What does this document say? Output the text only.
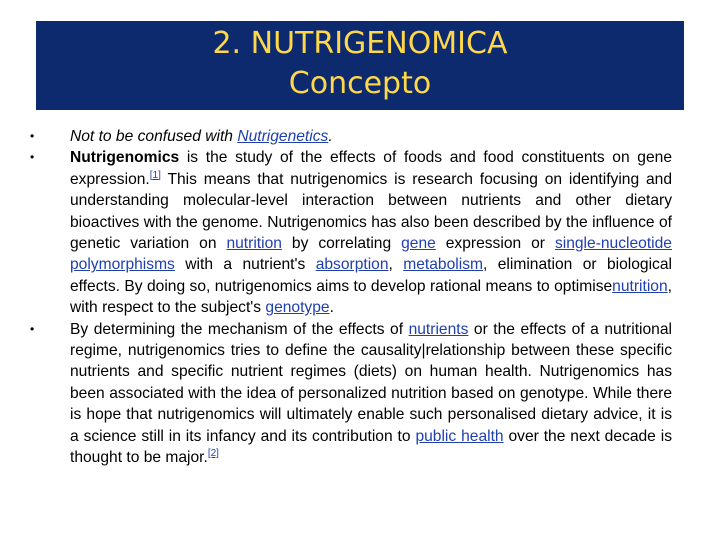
2. NUTRIGENOMICA
Concepto
•	Not to be confused with Nutrigenetics.
•	Nutrigenomics is the study of the effects of foods and food constituents on gene expression.[1] This means that nutrigenomics is research focusing on identifying and understanding molecular-level interaction between nutrients and other dietary bioactives with the genome. Nutrigenomics has also been described by the influence of genetic variation on nutrition by correlating gene expression or single-nucleotide polymorphisms with a nutrient's absorption, metabolism, elimination or biological effects. By doing so, nutrigenomics aims to develop rational means to optimisenutrition, with respect to the subject's genotype.
•	By determining the mechanism of the effects of nutrients or the effects of a nutritional regime, nutrigenomics tries to define the causality|relationship between these specific nutrients and specific nutrient regimes (diets) on human health. Nutrigenomics has been associated with the idea of personalized nutrition based on genotype. While there is hope that nutrigenomics will ultimately enable such personalised dietary advice, it is a science still in its infancy and its contribution to public health over the next decade is thought to be major.[2]
